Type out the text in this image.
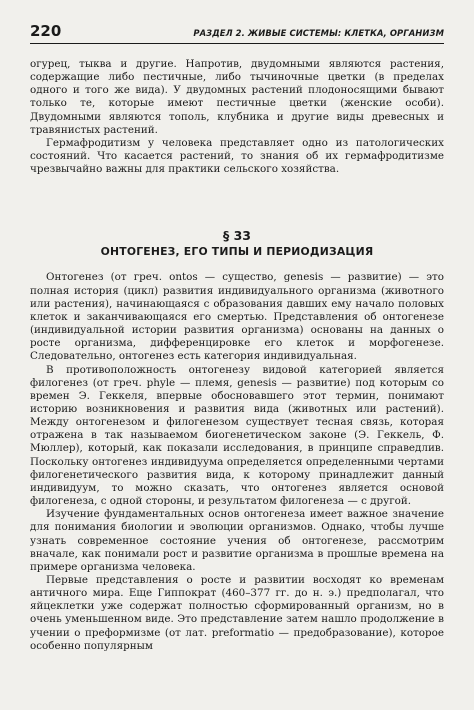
220	РАЗДЕЛ 2. ЖИВЫЕ СИСТЕМЫ: КЛЕТКА, ОРГАНИЗМ

огурец, тыква и другие. Напротив, двудомными являются растения, содержащие либо пестичные, либо тычиночные цветки (в пределах одного и того же вида). У двудомных растений плодоносящими бывают только те, которые имеют пестичные цветки (женские особи). Двудомными являются тополь, клубника и другие виды древесных и травянистых растений.

Гермафродитизм у человека представляет одно из патологических состояний. Что касается растений, то знания об их гермафродитизме чрезвычайно важны для практики сельского хозяйства.

§ 33
ОНТОГЕНЕЗ, ЕГО ТИПЫ И ПЕРИОДИЗАЦИЯ

Онтогенез (от греч. ontos — существо, genesis — развитие) — это полная история (цикл) развития индивидуального организма (животного или растения), начинающаяся с образования давших ему начало половых клеток и заканчивающаяся его смертью. Представления об онтогенезе (индивидуальной истории развития организма) основаны на данных о росте организма, дифференцировке его клеток и морфогенезе. Следовательно, онтогенез есть категория индивидуальная.

В противоположность онтогенезу видовой категорией является филогенез (от греч. phyle — племя, genesis — развитие) под которым со времен Э. Геккеля, впервые обосновавшего этот термин, понимают историю возникновения и развития вида (животных или растений). Между онтогенезом и филогенезом существует тесная связь, которая отражена в так называемом биогенетическом законе (Э. Геккель, Ф. Мюллер), который, как показали исследования, в принципе справедлив. Поскольку онтогенез индивидуума определяется определенными чертами филогенетического развития вида, к которому принадлежит данный индивидуум, то можно сказать, что онтогенез является основой филогенеза, с одной стороны, и результатом филогенеза — с другой.

Изучение фундаментальных основ онтогенеза имеет важное значение для понимания биологии и эволюции организмов. Однако, чтобы лучше узнать современное состояние учения об онтогенезе, рассмотрим вначале, как понимали рост и развитие организма в прошлые времена на примере организма человека.

Первые представления о росте и развитии восходят ко временам античного мира. Еще Гиппократ (460–377 гг. до н. э.) предполагал, что яйцеклетки уже содержат полностью сформированный организм, но в очень уменьшенном виде. Это представление затем нашло продолжение в учении о преформизме (от лат. preformatio — предобразование), которое особенно популярным
